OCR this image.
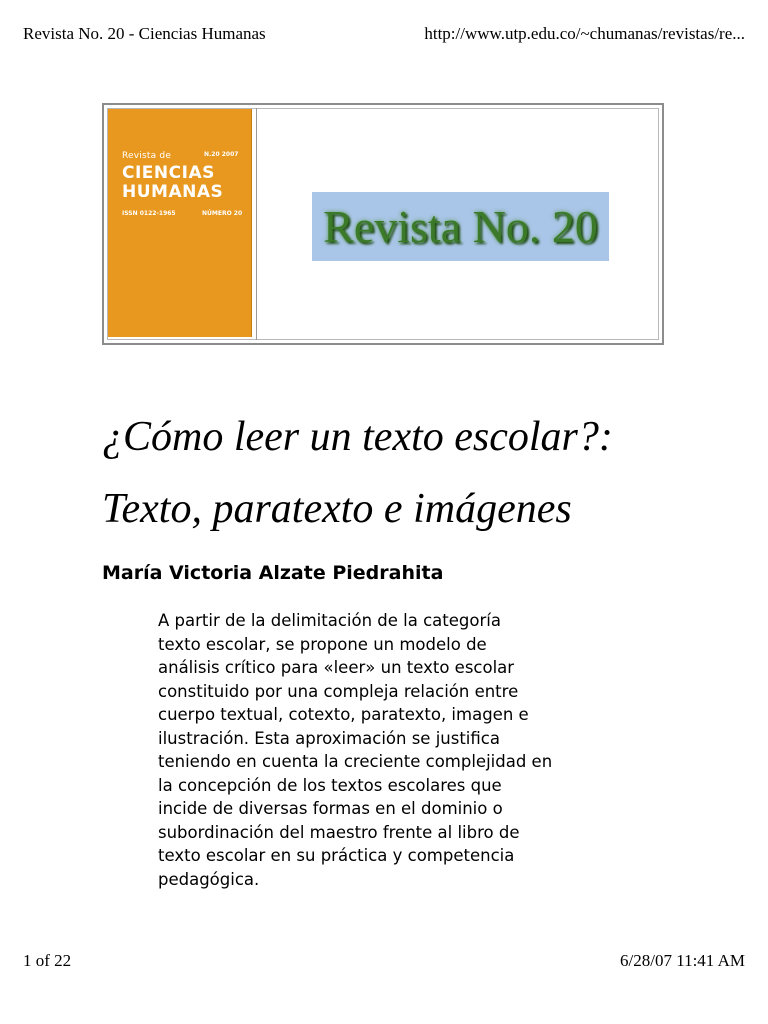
Revista No. 20 - Ciencias Humanas	http://www.utp.edu.co/~chumanas/revistas/re...
Revista de	N.20 2007
CIENCIAS
HUMANAS
ISSN 0122-1965	NÚMERO 20 Revista No. 20
¿Cómo leer un texto escolar?:
Texto, paratexto e imágenes
María Victoria Alzate Piedrahita
A partir de la delimitación de la categoría
texto escolar, se propone un modelo de
análisis crítico para «leer» un texto escolar
constituido por una compleja relación entre
cuerpo textual, cotexto, paratexto, imagen e
ilustración. Esta aproximación se justifica
teniendo en cuenta la creciente complejidad en
la concepción de los textos escolares que
incide de diversas formas en el dominio o
subordinación del maestro frente al libro de
texto escolar en su práctica y competencia
pedagógica.
1 of 22	6/28/07 11:41 AM
